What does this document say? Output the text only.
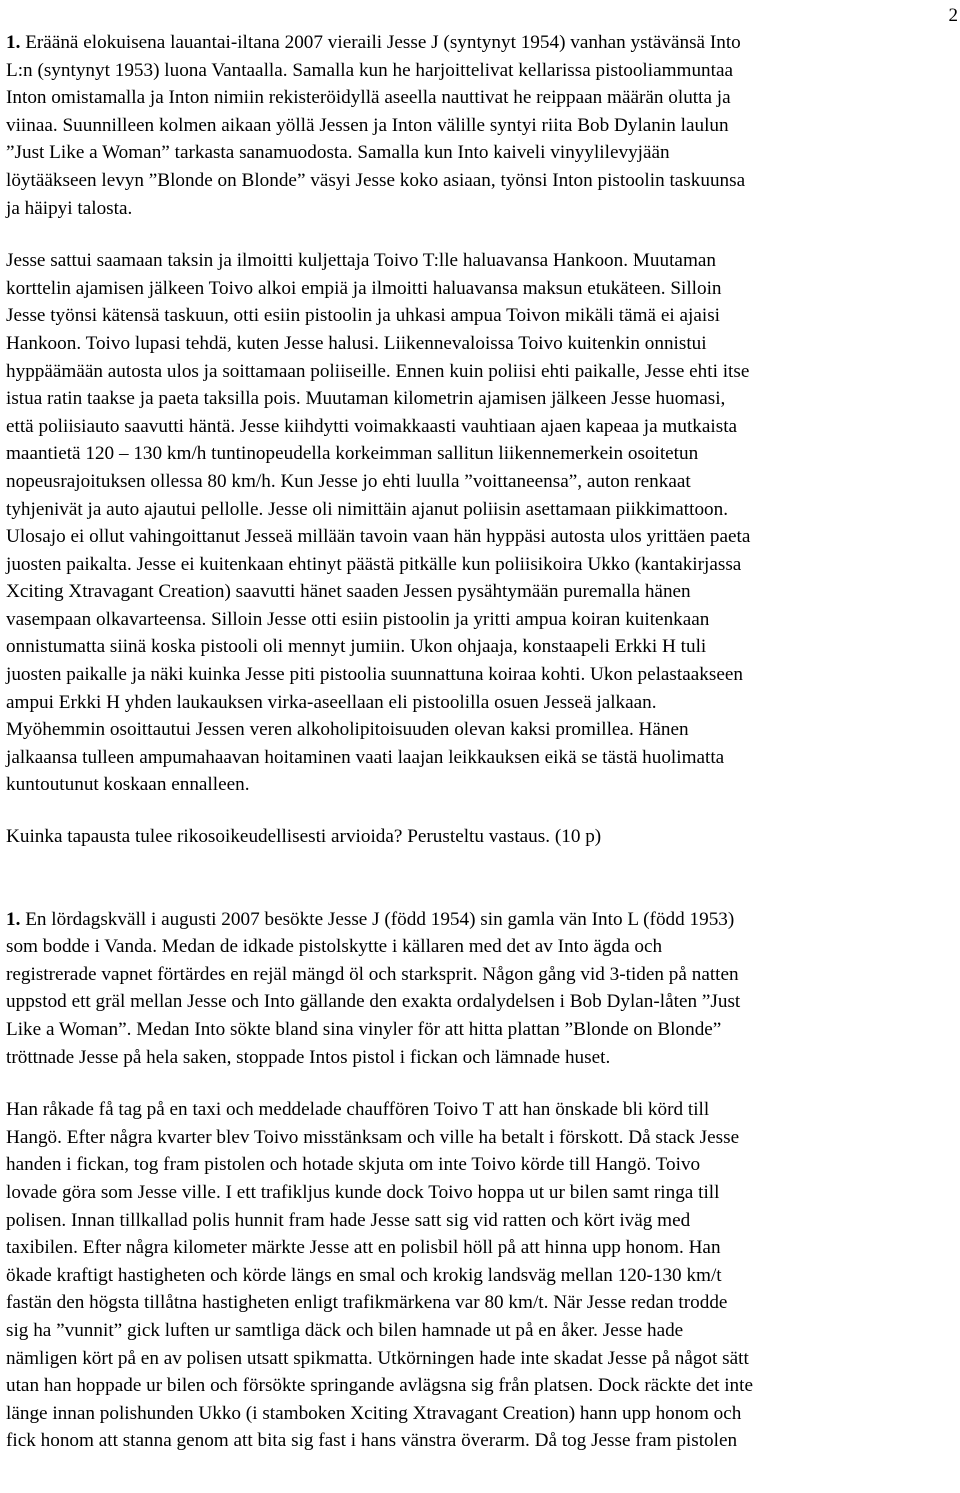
2
1. Eräänä elokuisena lauantai-iltana 2007 vieraili Jesse J (syntynyt 1954) vanhan ystävänsä Into
L:n (syntynyt 1953) luona Vantaalla. Samalla kun he harjoittelivat kellarissa pistooliammuntaa
Inton omistamalla ja Inton nimiin rekisteröidyllä aseella nauttivat he reippaan määrän olutta ja
viinaa. Suunnilleen kolmen aikaan yöllä Jessen ja Inton välille syntyi riita Bob Dylanin laulun
”Just Like a Woman” tarkasta sanamuodosta. Samalla kun Into kaiveli vinyylilevyjään
löytääkseen levyn ”Blonde on Blonde” väsyi Jesse koko asiaan, työnsi Inton pistoolin taskuunsa
ja häipyi talosta.
Jesse sattui saamaan taksin ja ilmoitti kuljettaja Toivo T:lle haluavansa Hankoon. Muutaman
korttelin ajamisen jälkeen Toivo alkoi empiä ja ilmoitti haluavansa maksun etukäteen. Silloin
Jesse työnsi kätensä taskuun, otti esiin pistoolin ja uhkasi ampua Toivon mikäli tämä ei ajaisi
Hankoon. Toivo lupasi tehdä, kuten Jesse halusi. Liikennevaloissa Toivo kuitenkin onnistui
hyppäämään autosta ulos ja soittamaan poliiseille. Ennen kuin poliisi ehti paikalle, Jesse ehti itse
istua ratin taakse ja paeta taksilla pois. Muutaman kilometrin ajamisen jälkeen Jesse huomasi,
että poliisiauto saavutti häntä. Jesse kiihdytti voimakkaasti vauhtiaan ajaen kapeaa ja mutkaista
maantietä 120 – 130 km/h tuntinopeudella korkeimman sallitun liikennemerkein osoitetun
nopeusrajoituksen ollessa 80 km/h. Kun Jesse jo ehti luulla ”voittaneensa”, auton renkaat
tyhjenivät ja auto ajautui pellolle. Jesse oli nimittäin ajanut poliisin asettamaan piikkimattoon.
Ulosajo ei ollut vahingoittanut Jesseä millään tavoin vaan hän hyppäsi autosta ulos yrittäen paeta
juosten paikalta. Jesse ei kuitenkaan ehtinyt päästä pitkälle kun poliisikoira Ukko (kantakirjassa
Xciting Xtravagant Creation) saavutti hänet saaden Jessen pysähtymään puremalla hänen
vasempaan olkavarteensa. Silloin Jesse otti esiin pistoolin ja yritti ampua koiran kuitenkaan
onnistumatta siinä koska pistooli oli mennyt jumiin. Ukon ohjaaja, konstaapeli Erkki H tuli
juosten paikalle ja näki kuinka Jesse piti pistoolia suunnattuna koiraa kohti. Ukon pelastaakseen
ampui Erkki H yhden laukauksen virka-aseellaan eli pistoolilla osuen Jesseä jalkaan.
Myöhemmin osoittautui Jessen veren alkoholipitoisuuden olevan kaksi promillea. Hänen
jalkaansa tulleen ampumahaavan hoitaminen vaati laajan leikkauksen eikä se tästä huolimatta
kuntoutunut koskaan ennalleen.
Kuinka tapausta tulee rikosoikeudellisesti arvioida? Perusteltu vastaus. (10 p)
1. En lördagskväll i augusti 2007 besökte Jesse J (född 1954) sin gamla vän Into L (född 1953)
som bodde i Vanda. Medan de idkade pistolskytte i källaren med det av Into ägda och
registrerade vapnet förtärdes en rejäl mängd öl och starksprit. Någon gång vid 3-tiden på natten
uppstod ett gräl mellan Jesse och Into gällande den exakta ordalydelsen i Bob Dylan-låten ”Just
Like a Woman”. Medan Into sökte bland sina vinyler för att hitta plattan ”Blonde on Blonde”
tröttnade Jesse på hela saken, stoppade Intos pistol i fickan och lämnade huset.
Han råkade få tag på en taxi och meddelade chauffören Toivo T att han önskade bli körd till
Hangö. Efter några kvarter blev Toivo misstänksam och ville ha betalt i förskott. Då stack Jesse
handen i fickan, tog fram pistolen och hotade skjuta om inte Toivo körde till Hangö. Toivo
lovade göra som Jesse ville. I ett trafikljus kunde dock Toivo hoppa ut ur bilen samt ringa till
polisen. Innan tillkallad polis hunnit fram hade Jesse satt sig vid ratten och kört iväg med
taxibilen. Efter några kilometer märkte Jesse att en polisbil höll på att hinna upp honom. Han
ökade kraftigt hastigheten och körde längs en smal och krokig landsväg mellan 120-130 km/t
fastän den högsta tillåtna hastigheten enligt trafikmärkena var 80 km/t. När Jesse redan trodde
sig ha ”vunnit” gick luften ur samtliga däck och bilen hamnade ut på en åker. Jesse hade
nämligen kört på en av polisen utsatt spikmatta. Utkörningen hade inte skadat Jesse på något sätt
utan han hoppade ur bilen och försökte springande avlägsna sig från platsen. Dock räckte det inte
länge innan polishunden Ukko (i stamboken Xciting Xtravagant Creation) hann upp honom och
fick honom att stanna genom att bita sig fast i hans vänstra överarm. Då tog Jesse fram pistolen
